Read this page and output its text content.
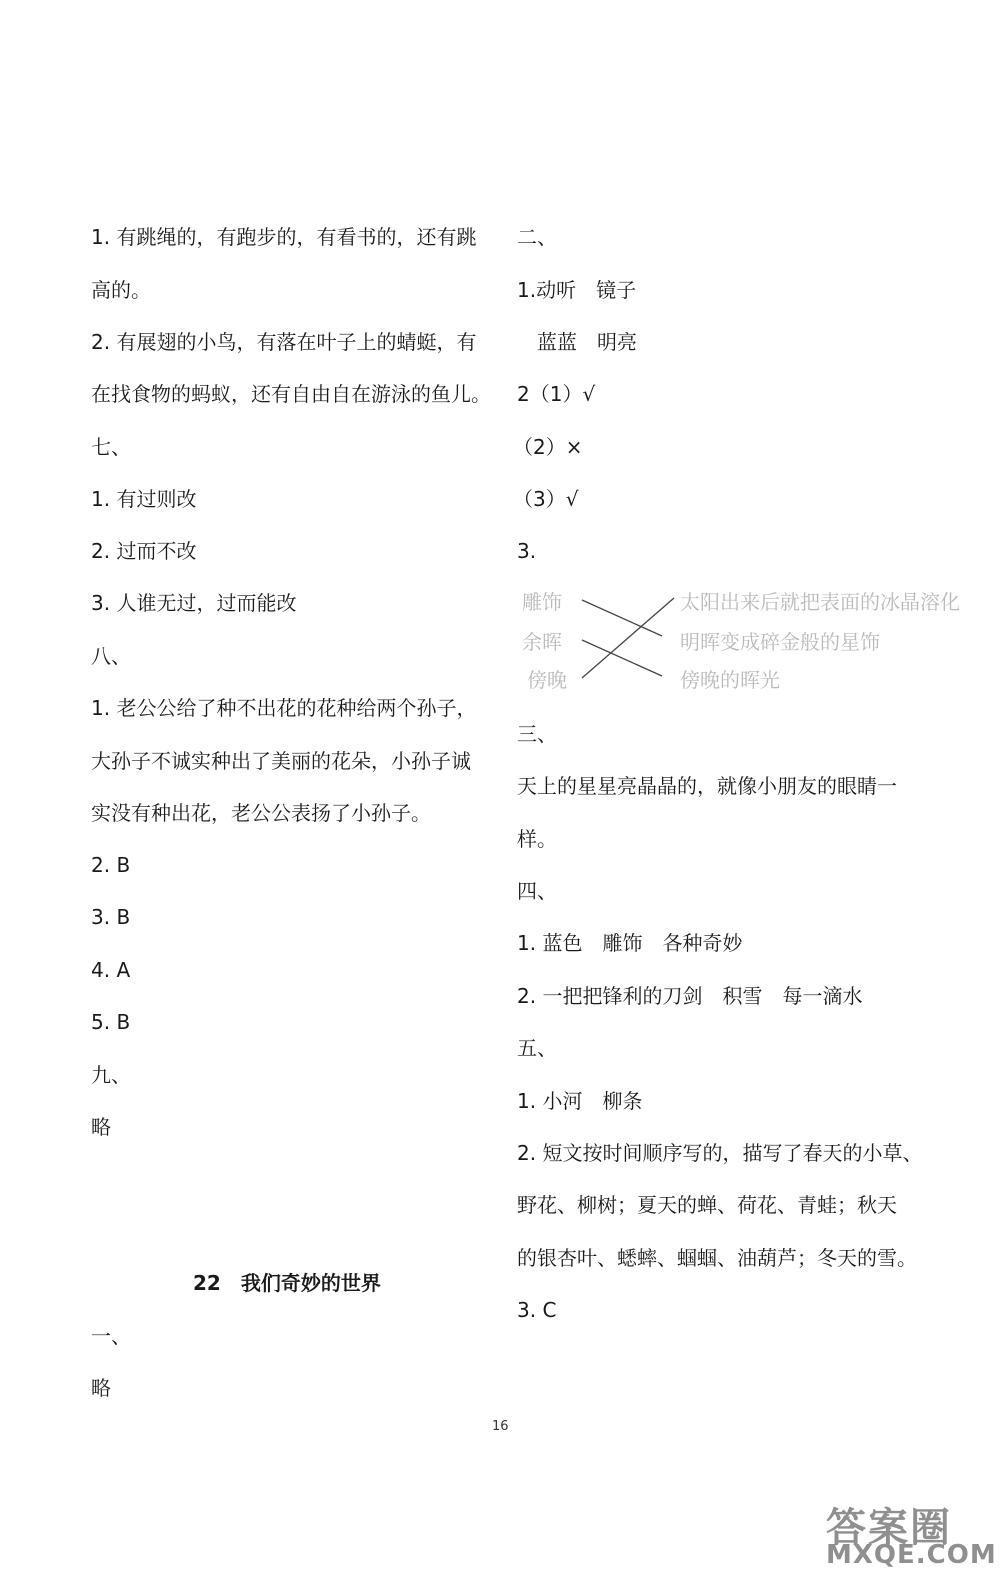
1. 有跳绳的，有跑步的，有看书的，还有跳
高的。
2. 有展翅的小鸟，有落在叶子上的蜻蜓，有
在找食物的蚂蚁，还有自由自在游泳的鱼儿。
七、
1. 有过则改
2. 过而不改
3. 人谁无过，过而能改
八、
1. 老公公给了种不出花的花种给两个孙子，
大孙子不诚实种出了美丽的花朵，小孙子诚
实没有种出花，老公公表扬了小孙子。
2. B
3. B
4. A
5. B
九、
略
22　我们奇妙的世界
一、
略
二、
1.动听　镜子
蓝蓝　明亮
2（1）√
（2）×
（3）√
3.
雕饰
余晖
傍晚
太阳出来后就把表面的冰晶溶化
明晖变成碎金般的星饰
傍晚的晖光
三、
天上的星星亮晶晶的，就像小朋友的眼睛一
样。
四、
1. 蓝色　雕饰　各种奇妙
2. 一把把锋利的刀剑　积雪　每一滴水
五、
1. 小河　柳条
2. 短文按时间顺序写的，描写了春天的小草、
野花、柳树；夏天的蝉、荷花、青蛙；秋天
的银杏叶、蟋蟀、蝈蝈、油葫芦；冬天的雪。
3. C
16
答案圈
MXQE.COM
